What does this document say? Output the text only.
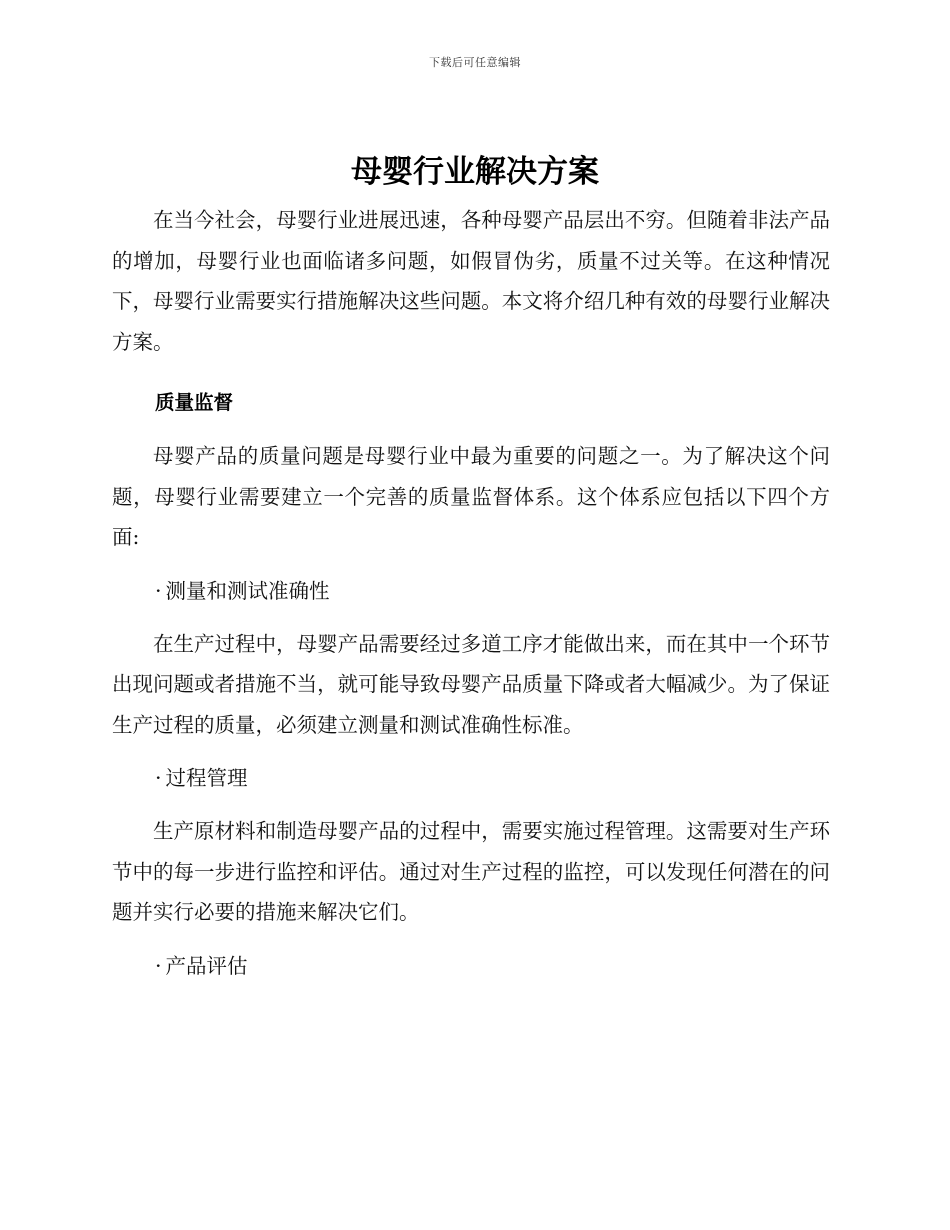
下载后可任意编辑
母婴行业解决方案

在当今社会，母婴行业进展迅速，各种母婴产品层出不穷。但随着非法产品的增加，母婴行业也面临诸多问题，如假冒伪劣，质量不过关等。在这种情况下，母婴行业需要实行措施解决这些问题。本文将介绍几种有效的母婴行业解决方案。

质量监督

母婴产品的质量问题是母婴行业中最为重要的问题之一。为了解决这个问题，母婴行业需要建立一个完善的质量监督体系。这个体系应包括以下四个方面:

· 测量和测试准确性

在生产过程中，母婴产品需要经过多道工序才能做出来，而在其中一个环节出现问题或者措施不当，就可能导致母婴产品质量下降或者大幅减少。为了保证生产过程的质量，必须建立测量和测试准确性标准。

· 过程管理

生产原材料和制造母婴产品的过程中，需要实施过程管理。这需要对生产环节中的每一步进行监控和评估。通过对生产过程的监控，可以发现任何潜在的问题并实行必要的措施来解决它们。

· 产品评估
